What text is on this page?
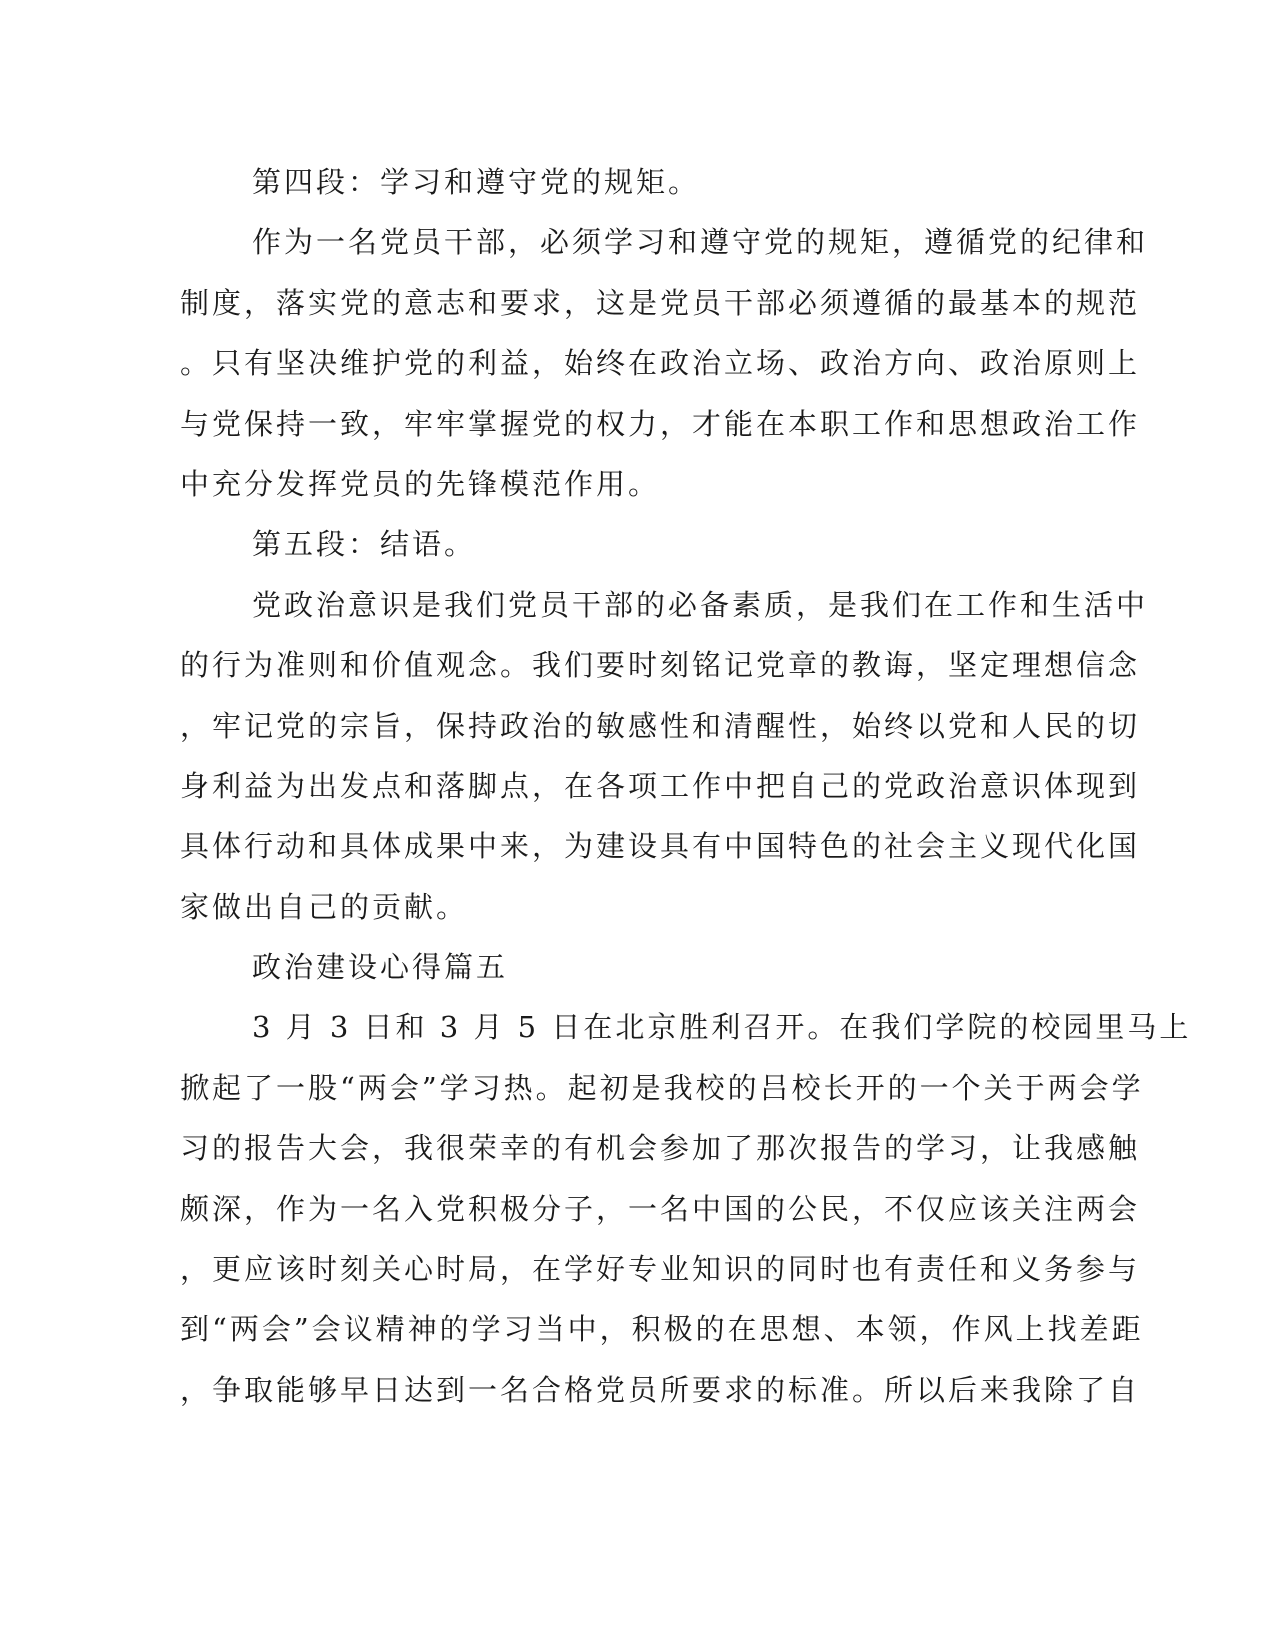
第四段：学习和遵守党的规矩。
作为一名党员干部，必须学习和遵守党的规矩，遵循党的纪律和
制度，落实党的意志和要求，这是党员干部必须遵循的最基本的规范
。只有坚决维护党的利益，始终在政治立场、政治方向、政治原则上
与党保持一致，牢牢掌握党的权力，才能在本职工作和思想政治工作
中充分发挥党员的先锋模范作用。
第五段：结语。
党政治意识是我们党员干部的必备素质，是我们在工作和生活中
的行为准则和价值观念。我们要时刻铭记党章的教诲，坚定理想信念
，牢记党的宗旨，保持政治的敏感性和清醒性，始终以党和人民的切
身利益为出发点和落脚点，在各项工作中把自己的党政治意识体现到
具体行动和具体成果中来，为建设具有中国特色的社会主义现代化国
家做出自己的贡献。
政治建设心得篇五
3 月 3 日和 3 月 5 日在北京胜利召开。在我们学院的校园里马上
掀起了一股“两会”学习热。起初是我校的吕校长开的一个关于两会学
习的报告大会，我很荣幸的有机会参加了那次报告的学习，让我感触
颇深，作为一名入党积极分子，一名中国的公民，不仅应该关注两会
，更应该时刻关心时局，在学好专业知识的同时也有责任和义务参与
到“两会”会议精神的学习当中，积极的在思想、本领，作风上找差距
，争取能够早日达到一名合格党员所要求的标准。所以后来我除了自
